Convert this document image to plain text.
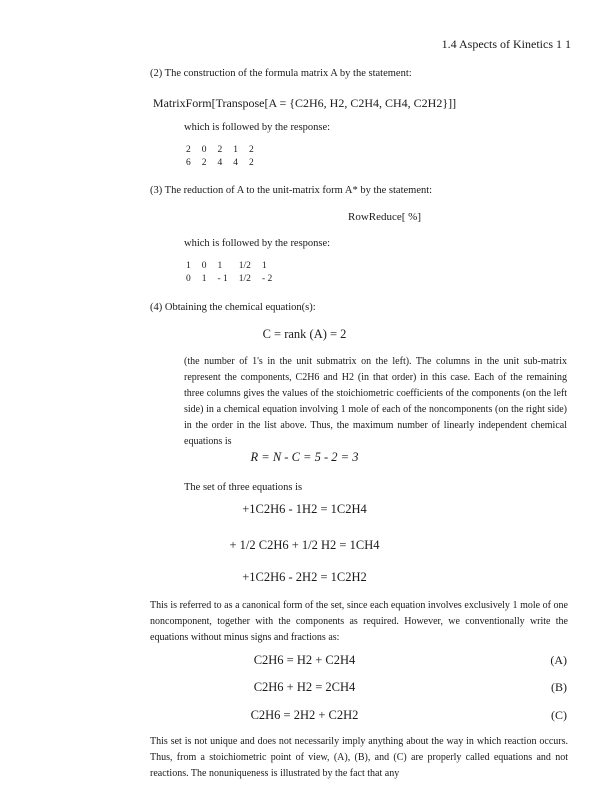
1.4 Aspects of Kinetics 1 1
(2) The construction of the formula matrix A by the statement:
MatrixForm[Transpose[A = {C2H6, H2, C2H4, CH4, C2H2}]]
which is followed by the response:
2	0	2	1	2
6	2	4	4	2
(3) The reduction of A to the unit-matrix form A* by the statement:
RowReduce[ %]
which is followed by the response:
1	0	1	1/2	1
0	1	- 1	1/2	- 2
(4) Obtaining the chemical equation(s):
C = rank (A) = 2
(the number of 1's in the unit submatrix on the left). The columns in the unit sub-matrix represent the components, C2H6 and H2 (in that order) in this case. Each of the remaining three columns gives the values of the stoichiometric coefficients of the components (on the left side) in a chemical equation involving 1 mole of each of the noncomponents (on the right side) in the order in the list above. Thus, the maximum number of linearly independent chemical equations is
R = N - C = 5 - 2 = 3
The set of three equations is
+1C2H6 - 1H2 = 1C2H4
+ 1/2 C2H6 + 1/2 H2 = 1CH4
+1C2H6 - 2H2 = 1C2H2
This is referred to as a canonical form of the set, since each equation involves exclusively 1 mole of one noncomponent, together with the components as required. However, we conventionally write the equations without minus signs and fractions as:
C2H6 = H2 + C2H4	(A)
C2H6 + H2 = 2CH4	(B)
C2H6 = 2H2 + C2H2	(C)
This set is not unique and does not necessarily imply anything about the way in which reaction occurs. Thus, from a stoichiometric point of view, (A), (B), and (C) are properly called equations and not reactions. The nonuniqueness is illustrated by the fact that any
